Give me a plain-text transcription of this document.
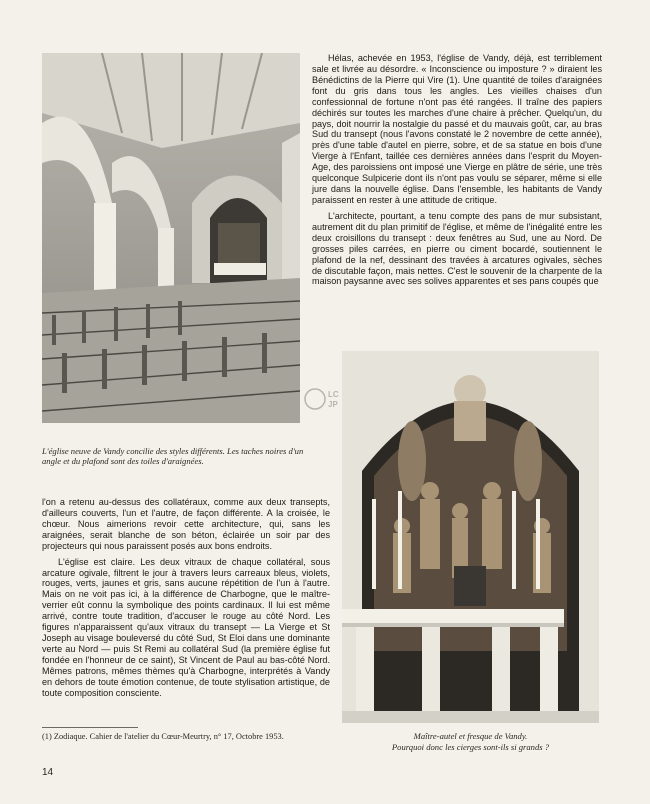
L'église neuve de Vandy concilie des styles différents. Les taches noires d'un angle et du plafond sont des toiles d'araignées.

Maître-autel et fresque de Vandy.
Pourquoi donc les cierges sont-ils si grands ?
LC
JP

Hélas, achevée en 1953, l'église de Vandy, déjà, est terriblement sale et livrée au désordre. « Inconscience ou imposture ? » diraient les Bénédictins de la Pierre qui Vire (1). Une quantité de toiles d'araignées font du gris dans tous les angles. Les vieilles chaises d'un confessionnal de fortune n'ont pas été rangées. Il traîne des papiers déchirés sur toutes les marches d'une chaire à prêcher. Quelqu'un, du pays, doit nourrir la nostalgie du passé et du mauvais goût, car, au bras Sud du transept (nous l'avons constaté le 2 novembre de cette année), près d'une table d'autel en pierre, sobre, et de sa statue en bois d'une Vierge à l'Enfant, taillée ces dernières années dans l'esprit du Moyen-Age, des paroissiens ont imposé une Vierge en plâtre de série, une très quelconque Sulpicerie dont ils n'ont pas voulu se séparer, même si elle jure dans la nouvelle église. Dans l'ensemble, les habitants de Vandy paraissent en rester à une attitude de critique.

L'architecte, pourtant, a tenu compte des pans de mur subsistant, autrement dit du plan primitif de l'église, et même de l'inégalité entre les deux croisillons du transept : deux fenêtres au Sud, une au Nord. De grosses piles carrées, en pierre ou ciment bocardé, soutiennent le plafond de la nef, dessinant des travées à arcatures ogivales, sèches de discutable façon, mais nettes. C'est le souvenir de la charpente de la maison paysanne avec ses solives apparentes et ses pans coupés que

l'on a retenu au-dessus des collatéraux, comme aux deux transepts, d'ailleurs couverts, l'un et l'autre, de façon différente. A la croisée, le chœur. Nous aimerions revoir cette architecture, qui, sans les araignées, serait blanche de son béton, éclairée un soir par des projecteurs qui nous paraissent posés aux bons endroits.

L'église est claire. Les deux vitraux de chaque collatéral, sous arcature ogivale, filtrent le jour à travers leurs carreaux bleus, violets, rouges, verts, jaunes et gris, sans aucune répétition de l'un à l'autre. Mais on ne voit pas ici, à la différence de Charbogne, que le maître-verrier eût connu la symbolique des points cardinaux. Il lui est même arrivé, contre toute tradition, d'accuser le rouge au côté Nord. Les figures n'apparaissent qu'aux vitraux du transept — La Vierge et St Joseph au visage bouleversé du côté Sud, St Eloi dans une dominante verte au Nord — puis St Remi au collatéral Sud (la première église fut fondée en l'honneur de ce saint), St Vincent de Paul au bas-côté Nord. Mêmes patrons, mêmes thèmes qu'à Charbogne, interprétés à Vandy en dehors de toute émotion contenue, de toute stylisation artistique, de toute composition consciente.

(1) Zodiaque. Cahier de l'atelier du Cœur-Meurtry, n° 17, Octobre 1953.
14
